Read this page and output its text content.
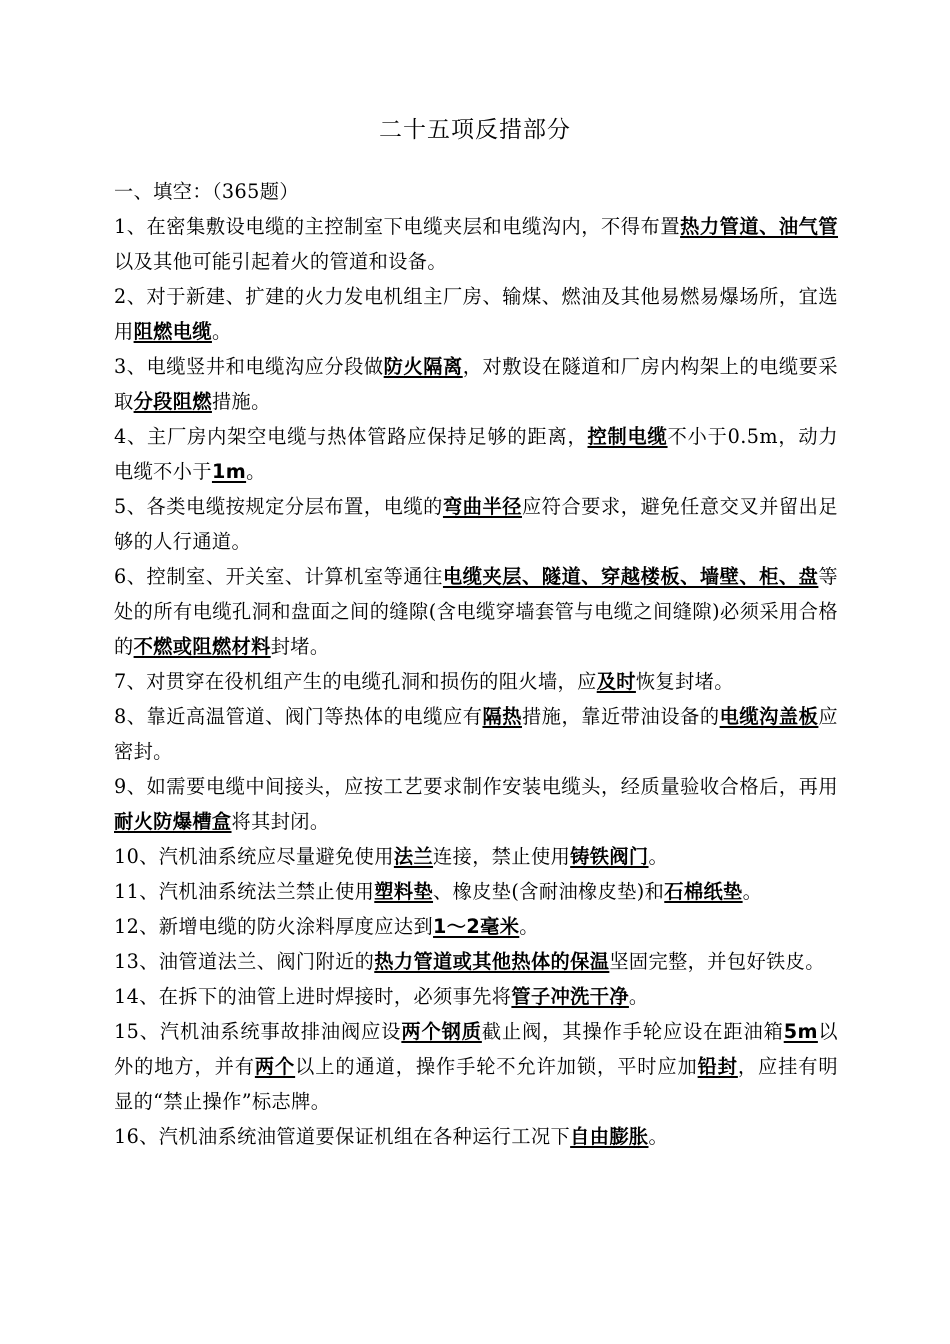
二十五项反措部分

一、填空：（365题）

1、在密集敷设电缆的主控制室下电缆夹层和电缆沟内，不得布置热力管道、油气管以及其他可能引起着火的管道和设备。

2、对于新建、扩建的火力发电机组主厂房、输煤、燃油及其他易燃易爆场所，宜选用阻燃电缆。

3、电缆竖井和电缆沟应分段做防火隔离，对敷设在隧道和厂房内构架上的电缆要采取分段阻燃措施。

4、主厂房内架空电缆与热体管路应保持足够的距离，控制电缆不小于0.5m，动力电缆不小于1m。

5、各类电缆按规定分层布置，电缆的弯曲半径应符合要求，避免任意交叉并留出足够的人行通道。

6、控制室、开关室、计算机室等通往电缆夹层、隧道、穿越楼板、墙壁、柜、盘等处的所有电缆孔洞和盘面之间的缝隙(含电缆穿墙套管与电缆之间缝隙)必须采用合格的不燃或阻燃材料封堵。

7、对贯穿在役机组产生的电缆孔洞和损伤的阻火墙，应及时恢复封堵。

8、靠近高温管道、阀门等热体的电缆应有隔热措施，靠近带油设备的电缆沟盖板应密封。

9、如需要电缆中间接头，应按工艺要求制作安装电缆头，经质量验收合格后，再用耐火防爆槽盒将其封闭。

10、汽机油系统应尽量避免使用法兰连接，禁止使用铸铁阀门。

11、汽机油系统法兰禁止使用塑料垫、橡皮垫(含耐油橡皮垫)和石棉纸垫。

12、新增电缆的防火涂料厚度应达到1～2毫米。

13、油管道法兰、阀门附近的热力管道或其他热体的保温坚固完整，并包好铁皮。

14、在拆下的油管上进时焊接时，必须事先将管子冲洗干净。

15、汽机油系统事故排油阀应设两个钢质截止阀，其操作手轮应设在距油箱5m以外的地方，并有两个以上的通道，操作手轮不允许加锁，平时应加铅封，应挂有明显的“禁止操作”标志牌。

16、汽机油系统油管道要保证机组在各种运行工况下自由膨胀。
